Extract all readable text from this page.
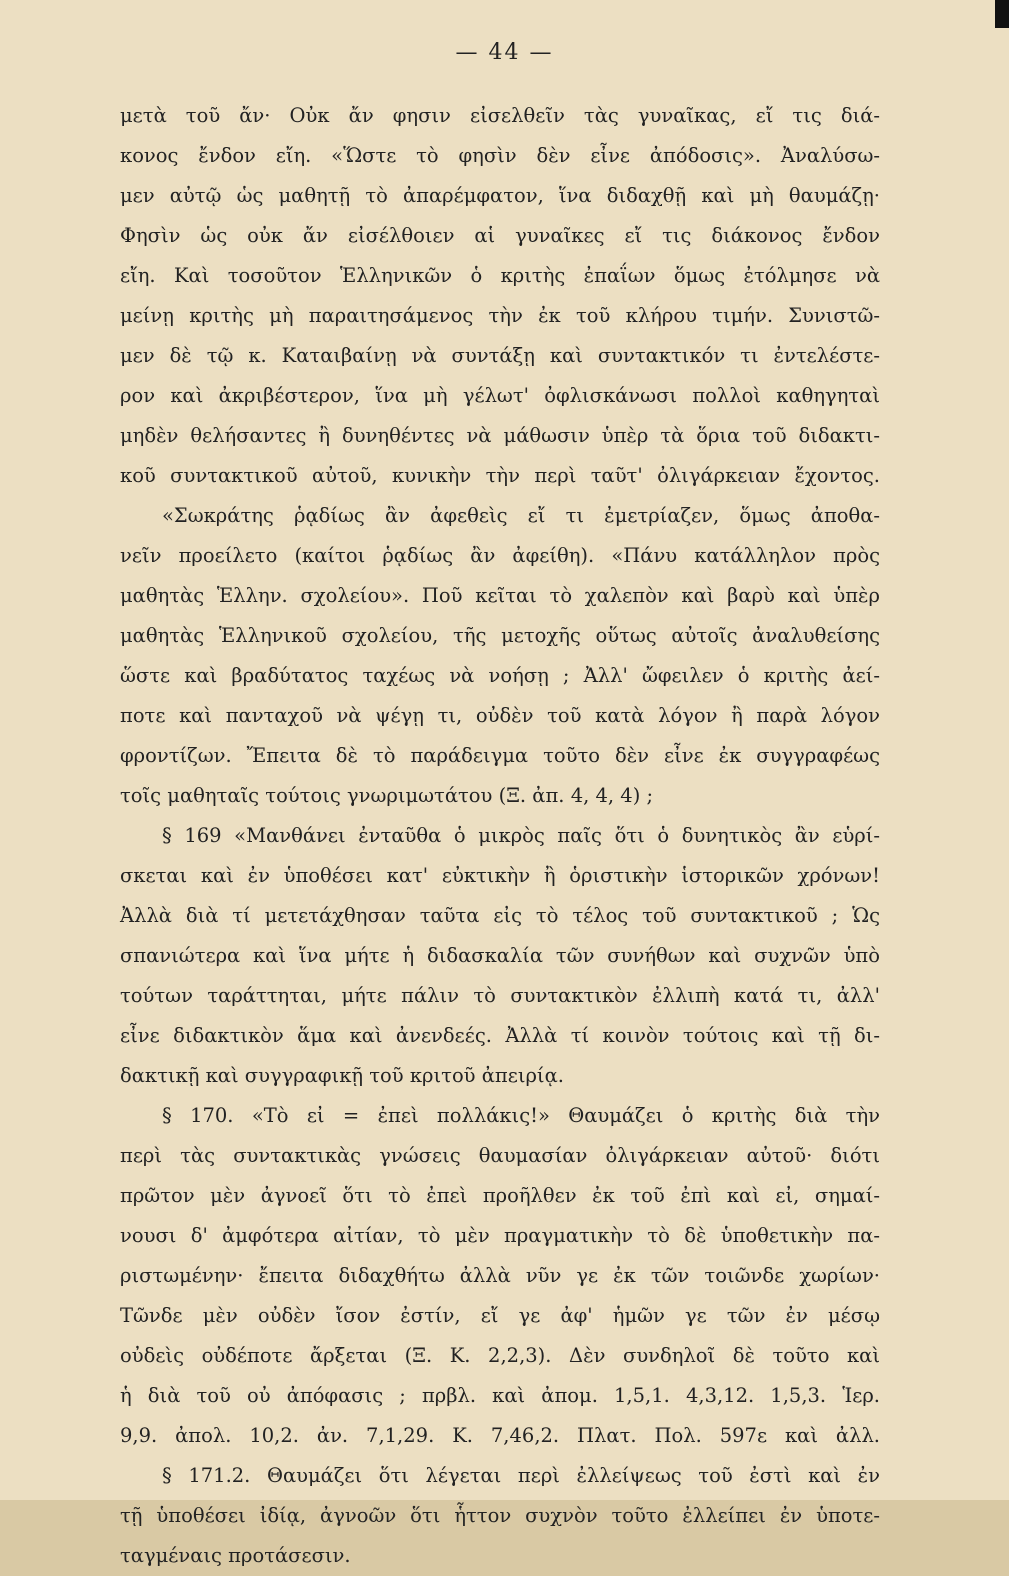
— 44 —
μετὰ τοῦ ἄν· Οὐκ ἄν φησιν εἰσελθεῖν τὰς γυναῖκας, εἴ τις διά-
κονος ἔνδον εἴη. «Ὥστε τὸ φησὶν δὲν εἶνε ἀπόδοσις». Ἀναλύσω-
μεν αὐτῷ ὡς μαθητῇ τὸ ἀπαρέμφατον, ἵνα διδαχθῇ καὶ μὴ θαυμάζῃ·
Φησὶν ὡς οὐκ ἄν εἰσέλθοιεν αἱ γυναῖκες εἴ τις διάκονος ἔνδον
εἴη. Καὶ τοσοῦτον Ἑλληνικῶν ὁ κριτὴς ἐπαΐων ὅμως ἐτόλμησε νὰ
μείνῃ κριτὴς μὴ παραιτησάμενος τὴν ἐκ τοῦ κλήρου τιμήν. Συνιστῶ-
μεν δὲ τῷ κ. Καταιβαίνῃ νὰ συντάξῃ καὶ συντακτικόν τι ἐντελέστε-
ρον καὶ ἀκριβέστερον, ἵνα μὴ γέλωτ' ὀφλισκάνωσι πολλοὶ καθηγηταὶ
μηδὲν θελήσαντες ἢ δυνηθέντες νὰ μάθωσιν ὑπὲρ τὰ ὅρια τοῦ διδακτι-
κοῦ συντακτικοῦ αὐτοῦ, κυνικὴν τὴν περὶ ταῦτ' ὀλιγάρκειαν ἔχοντος.
«Σωκράτης ῥᾳδίως ἂν ἀφεθεὶς εἴ τι ἐμετρίαζεν, ὅμως ἀποθα-
νεῖν προείλετο (καίτοι ῥᾳδίως ἂν ἀφείθη). «Πάνυ κατάλληλον πρὸς
μαθητὰς Ἑλλην. σχολείου». Ποῦ κεῖται τὸ χαλεπὸν καὶ βαρὺ καὶ ὑπὲρ
μαθητὰς Ἑλληνικοῦ σχολείου, τῆς μετοχῆς οὕτως αὐτοῖς ἀναλυθείσης
ὥστε καὶ βραδύτατος ταχέως νὰ νοήσῃ ; Ἀλλ' ὤφειλεν ὁ κριτὴς ἀεί-
ποτε καὶ πανταχοῦ νὰ ψέγῃ τι, οὐδὲν τοῦ κατὰ λόγον ἢ παρὰ λόγον
φροντίζων. Ἔπειτα δὲ τὸ παράδειγμα τοῦτο δὲν εἶνε ἐκ συγγραφέως
τοῖς μαθηταῖς τούτοις γνωριμωτάτου (Ξ. ἀπ. 4, 4, 4) ;
§ 169 «Μανθάνει ἐνταῦθα ὁ μικρὸς παῖς ὅτι ὁ δυνητικὸς ἂν εὑρί-
σκεται καὶ ἐν ὑποθέσει κατ' εὐκτικὴν ἢ ὁριστικὴν ἱστορικῶν χρόνων!
Ἀλλὰ διὰ τί μετετάχθησαν ταῦτα εἰς τὸ τέλος τοῦ συντακτικοῦ ; Ὡς
σπανιώτερα καὶ ἵνα μήτε ἡ διδασκαλία τῶν συνήθων καὶ συχνῶν ὑπὸ
τούτων ταράττηται, μήτε πάλιν τὸ συντακτικὸν ἐλλιπὴ κατά τι, ἀλλ'
εἶνε διδακτικὸν ἅμα καὶ ἀνενδεές. Ἀλλὰ τί κοινὸν τούτοις καὶ τῇ δι-
δακτικῇ καὶ συγγραφικῇ τοῦ κριτοῦ ἀπειρίᾳ.
§ 170. «Τὸ εἰ = ἐπεὶ πολλάκις!» Θαυμάζει ὁ κριτὴς διὰ τὴν
περὶ τὰς συντακτικὰς γνώσεις θαυμασίαν ὀλιγάρκειαν αὐτοῦ· διότι
πρῶτον μὲν ἀγνοεῖ ὅτι τὸ ἐπεὶ προῆλθεν ἐκ τοῦ ἐπὶ καὶ εἰ, σημαί-
νουσι δ' ἀμφότερα αἰτίαν, τὸ μὲν πραγματικὴν τὸ δὲ ὑποθετικὴν πα-
ριστωμένην· ἔπειτα διδαχθήτω ἀλλὰ νῦν γε ἐκ τῶν τοιῶνδε χωρίων·
Τῶνδε μὲν οὐδὲν ἴσον ἐστίν, εἴ γε ἀφ' ἡμῶν γε τῶν ἐν μέσῳ
οὐδεὶς οὐδέποτε ἄρξεται (Ξ. Κ. 2,2,3). Δὲν συνδηλοῖ δὲ τοῦτο καὶ
ἡ διὰ τοῦ οὐ ἀπόφασις ; πρβλ. καὶ ἀπομ. 1,5,1. 4,3,12. 1,5,3. Ἱερ.
9,9. ἀπολ. 10,2. ἀν. 7,1,29. Κ. 7,46,2. Πλατ. Πολ. 597ε καὶ ἀλλ.
§ 171.2. Θαυμάζει ὅτι λέγεται περὶ ἐλλείψεως τοῦ ἐστὶ καὶ ἐν
τῇ ὑποθέσει ἰδίᾳ, ἀγνοῶν ὅτι ἧττον συχνὸν τοῦτο ἐλλείπει ἐν ὑποτε-
ταγμέναις προτάσεσιν.
